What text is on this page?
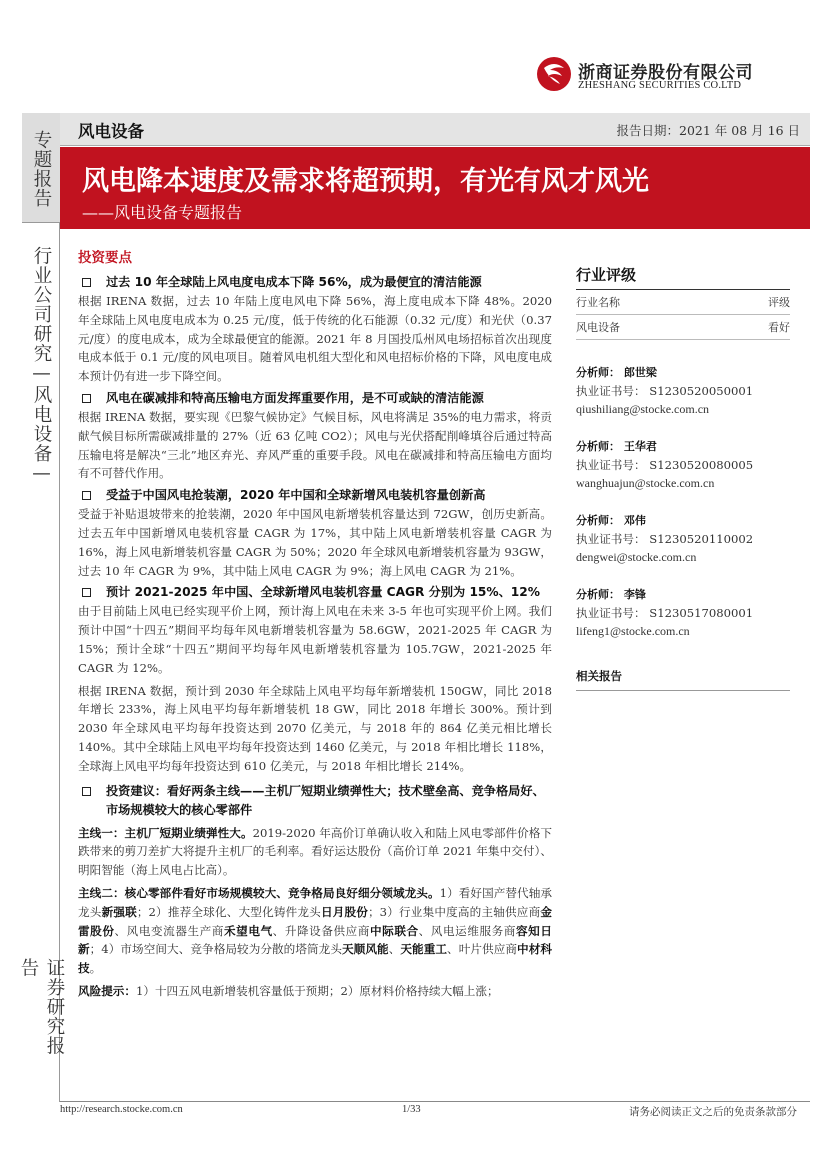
浙商证券股份有限公司
ZHESHANG SECURITIES CO.LTD
专题报告
行业公司研究—风电设备—
证券研究报告
风电设备	报告日期：2021 年 08 月 16 日
风电降本速度及需求将超预期，有光有风才风光
——风电设备专题报告
投资要点
过去 10 年全球陆上风电度电成本下降 56%，成为最便宜的清洁能源

根据 IRENA 数据，过去 10 年陆上度电风电下降 56%，海上度电成本下降 48%。2020 年全球陆上风电度电成本为 0.25 元/度，低于传统的化石能源（0.32 元/度）和光伏（0.37 元/度）的度电成本，成为全球最便宜的能源。2021 年 8 月国投瓜州风电场招标首次出现度电成本低于 0.1 元/度的风电项目。随着风电机组大型化和风电招标价格的下降，风电度电成本预计仍有进一步下降空间。

风电在碳减排和特高压输电方面发挥重要作用，是不可或缺的清洁能源

根据 IRENA 数据，要实现《巴黎气候协定》气候目标，风电将满足 35%的电力需求，将贡献气候目标所需碳减排量的 27%（近 63 亿吨 CO2）；风电与光伏搭配削峰填谷后通过特高压输电将是解决“三北”地区弃光、弃风严重的重要手段。风电在碳减排和特高压输电方面均有不可替代作用。

受益于中国风电抢装潮，2020 年中国和全球新增风电装机容量创新高

受益于补贴退坡带来的抢装潮，2020 年中国风电新增装机容量达到 72GW，创历史新高。过去五年中国新增风电装机容量 CAGR 为 17%，其中陆上风电新增装机容量 CAGR 为 16%，海上风电新增装机容量 CAGR 为 50%；2020 年全球风电新增装机容量为 93GW，过去 10 年 CAGR 为 9%，其中陆上风电 CAGR 为 9%；海上风电 CAGR 为 21%。

预计 2021-2025 年中国、全球新增风电装机容量 CAGR 分别为 15%、12%

由于目前陆上风电已经实现平价上网，预计海上风电在未来 3-5 年也可实现平价上网。我们预计中国“十四五”期间平均每年风电新增装机容量为 58.6GW，2021-2025 年 CAGR 为 15%；预计全球“十四五”期间平均每年风电新增装机容量为 105.7GW，2021-2025 年 CAGR 为 12%。

根据 IRENA 数据，预计到 2030 年全球陆上风电平均每年新增装机 150GW，同比 2018 年增长 233%，海上风电平均每年新增装机 18 GW，同比 2018 年增长 300%。预计到 2030 年全球风电平均每年投资达到 2070 亿美元，与 2018 年的 864 亿美元相比增长 140%。其中全球陆上风电平均每年投资达到 1460 亿美元，与 2018 年相比增长 118%，全球海上风电平均每年投资达到 610 亿美元，与 2018 年相比增长 214%。

投资建议：看好两条主线——主机厂短期业绩弹性大；技术壁垒高、竞争格局好、市场规模较大的核心零部件

主线一：主机厂短期业绩弹性大。2019-2020 年高价订单确认收入和陆上风电零部件价格下跌带来的剪刀差扩大将提升主机厂的毛利率。看好运达股份（高价订单 2021 年集中交付）、明阳智能（海上风电占比高）。

主线二：核心零部件看好市场规模较大、竞争格局良好细分领域龙头。1）看好国产替代轴承龙头新强联；2）推荐全球化、大型化铸件龙头日月股份；3）行业集中度高的主轴供应商金雷股份、风电变流器生产商禾望电气、升降设备供应商中际联合、风电运维服务商容知日新；4）市场空间大、竞争格局较为分散的塔筒龙头天顺风能、天能重工、叶片供应商中材科技。

风险提示：1）十四五风电新增装机容量低于预期；2）原材料价格持续大幅上涨；

行业评级
行业名称	评级
风电设备	看好
分析师： 郎世梁
执业证书号： S1230520050001
qiushiliang@stocke.com.cn
分析师： 王华君
执业证书号： S1230520080005
wanghuajun@stocke.com.cn
分析师： 邓伟
执业证书号： S1230520110002
dengwei@stocke.com.cn
分析师： 李锋
执业证书号： S1230517080001
lifeng1@stocke.com.cn
相关报告
http://research.stocke.com.cn	1/33	请务必阅读正文之后的免责条款部分
